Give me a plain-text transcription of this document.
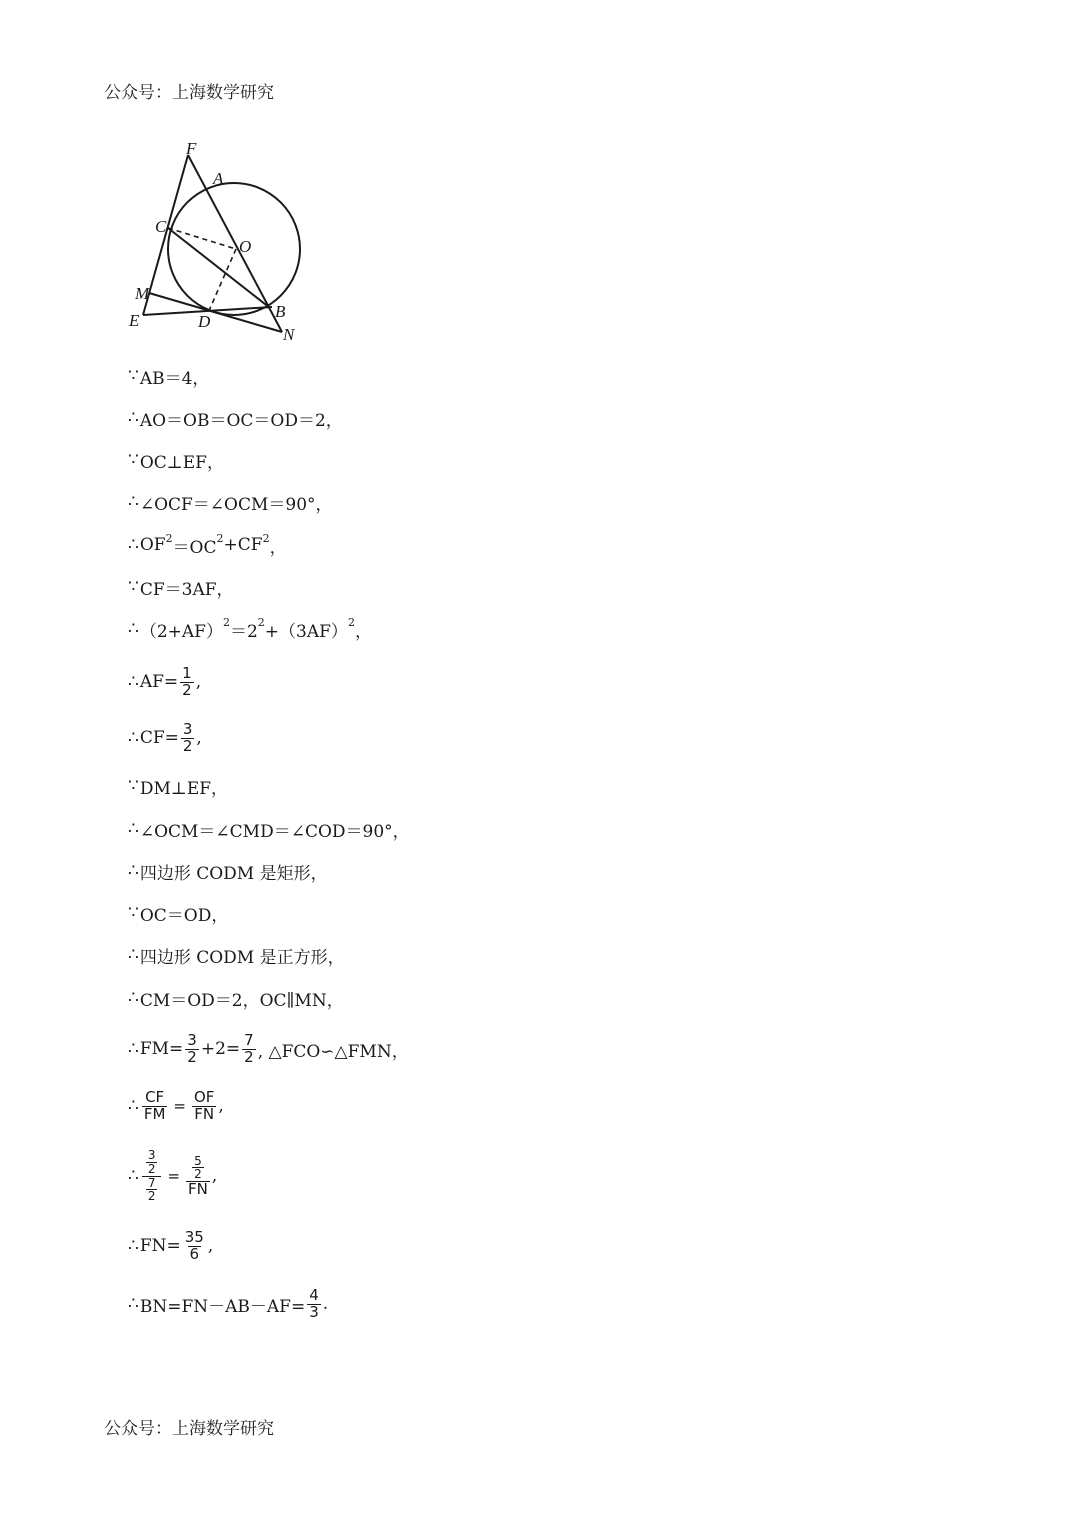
公众号：上海数学研究
F
A
C
O
M
E	D
B
N
∵ AB＝4，
∴ AO＝OB＝OC＝OD＝2，
∵ OC⊥EF，
∴ ∠OCF＝∠OCM＝90°，
∴ $OF^2 =OC^2 +CF^2$ ，
∵ CF＝3AF，
∴ $(2+AF)^2 =2^2 +(3AF)^2$ ，
∴ $AF= \frac{1}{2}$ ,
∴ $CF= \frac{3}{2}$ ,
∵ DM⊥EF，
∴ ∠OCM＝∠CMD＝∠COD＝90°，
∴ 四边形 CODM 是矩形，
∵ OC＝OD，
∴ 四边形 CODM 是正方形，
∴ CM＝OD＝2，OC∥MN，
∴ $FM= \frac{3}{2} +2= \frac{7}{2}$ , △FCO∽△FMN，
∴ $\frac{CF}{FM} = \frac{OF}{FN}$ ,
∴ $\frac{\frac{3}{2}}{\frac{7}{2}} = \frac{\frac{5}{2}}{FN}$ ,
∴ $FN= \frac{35}{6}$ ,
∴ $BN=FN-AB-AF= \frac{4}{3}$ .
公众号：上海数学研究
